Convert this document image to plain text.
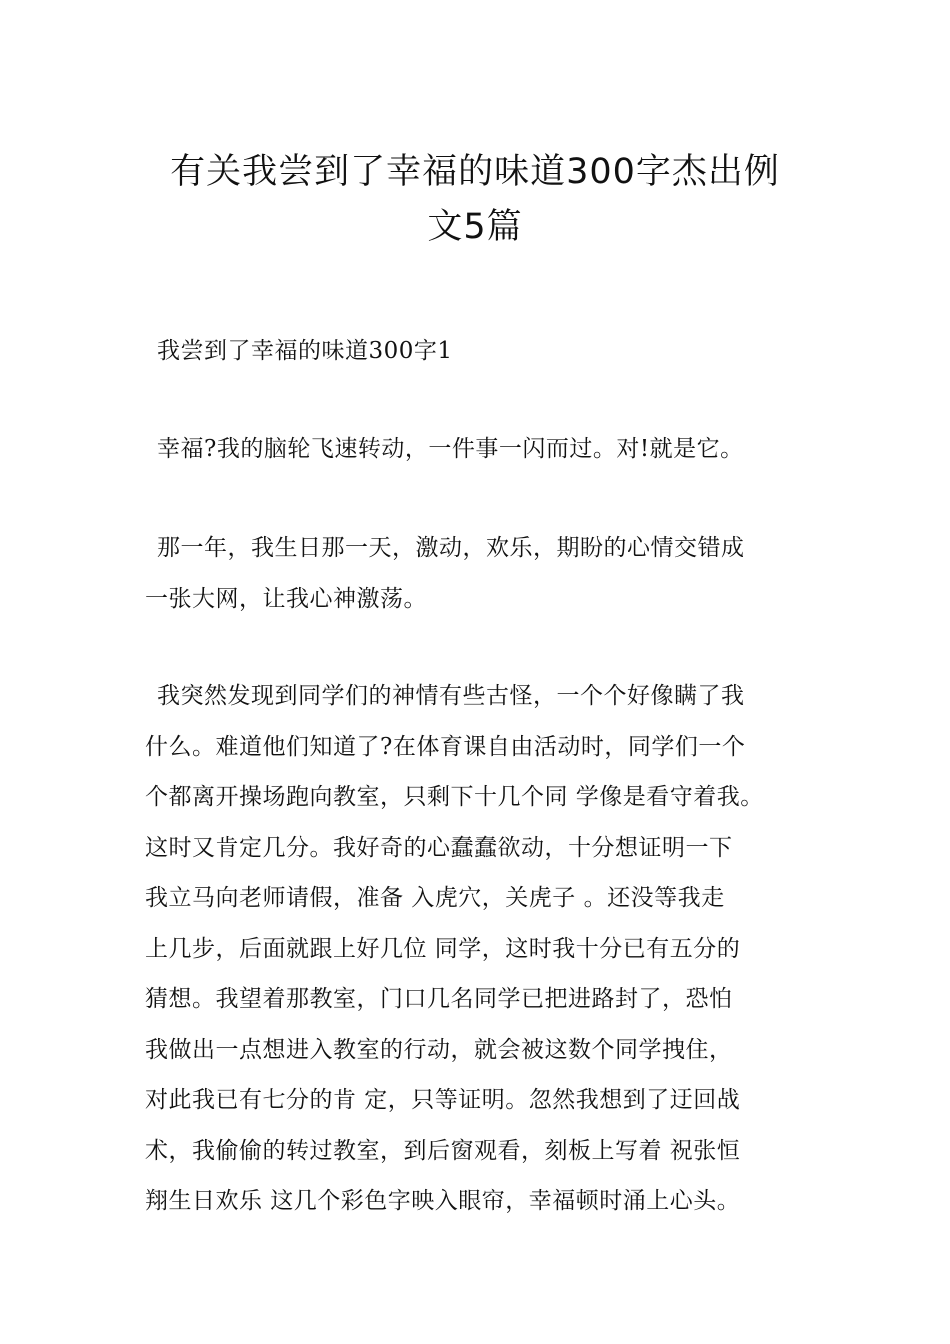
有关我尝到了幸福的味道300字杰出例
文5篇
我尝到了幸福的味道300字1
幸福?我的脑轮飞速转动，一件事一闪而过。对!就是它。
那一年，我生日那一天，激动，欢乐，期盼的心情交错成
一张大网，让我心神激荡。
我突然发现到同学们的神情有些古怪，一个个好像瞒了我
什么。难道他们知道了?在体育课自由活动时，同学们一个
个都离开操场跑向教室，只剩下十几个同 学像是看守着我。
这时又肯定几分。我好奇的心蠢蠢欲动，十分想证明一下
我立马向老师请假，准备 入虎穴，关虎子 。还没等我走
上几步，后面就跟上好几位 同学，这时我十分已有五分的
猜想。我望着那教室，门口几名同学已把进路封了，恐怕
我做出一点想进入教室的行动，就会被这数个同学拽住，
对此我已有七分的肯 定，只等证明。忽然我想到了迂回战
术，我偷偷的转过教室，到后窗观看，刻板上写着 祝张恒
翔生日欢乐 这几个彩色字映入眼帘，幸福顿时涌上心头。
